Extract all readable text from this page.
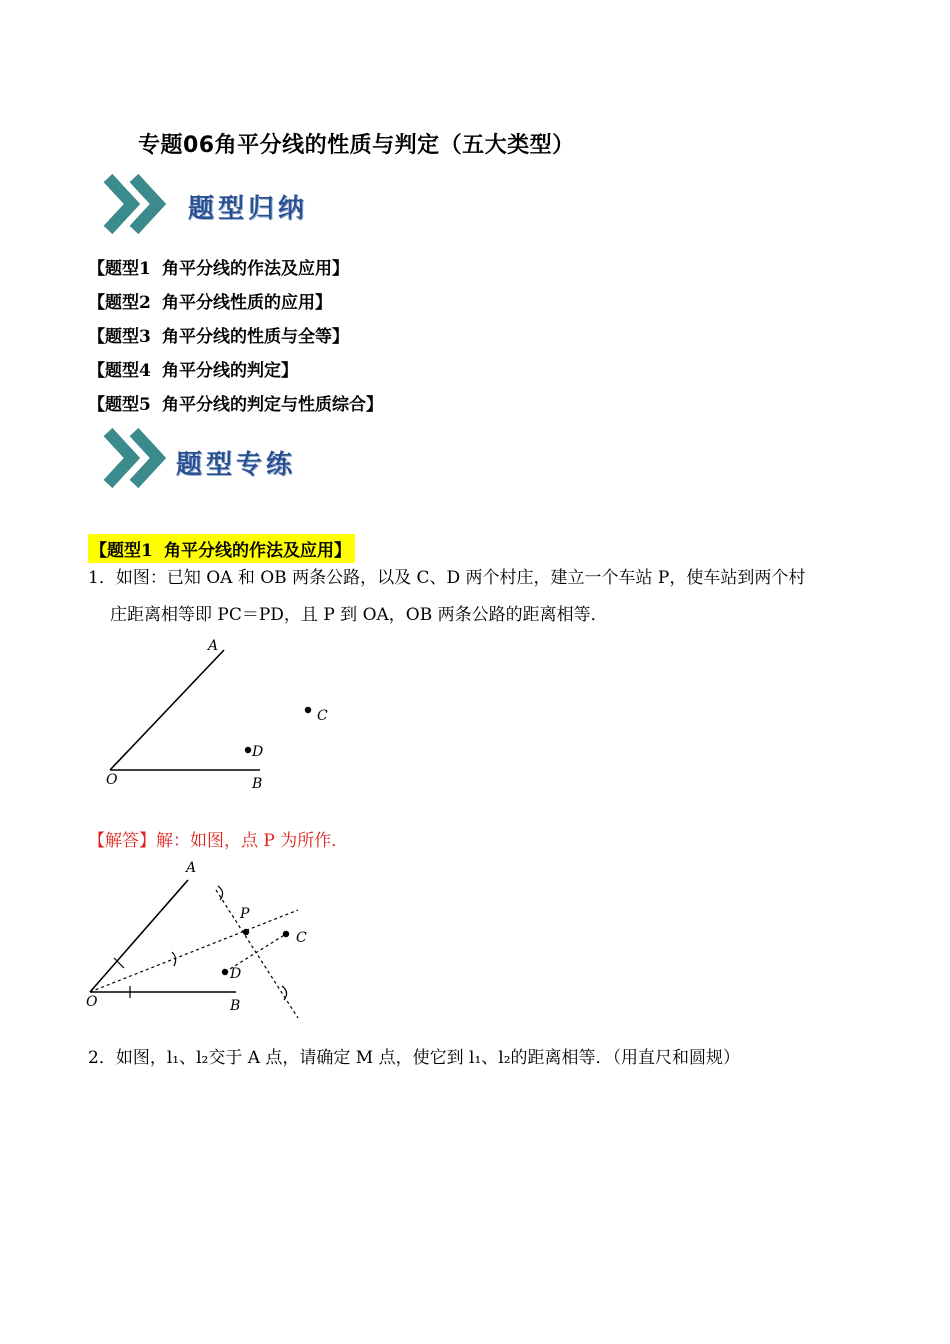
专题06角平分线的性质与判定（五大类型）
题型归纳
【题型1 角平分线的作法及应用】
【题型2 角平分线性质的应用】
【题型3 角平分线的性质与全等】
【题型4 角平分线的判定】
【题型5 角平分线的判定与性质综合】
题型专练
【题型1 角平分线的作法及应用】
1．如图：已知 OA 和 OB 两条公路，以及 C、D 两个村庄，建立一个车站 P，使车站到两个村
庄距离相等即 PC＝PD，且 P 到 OA，OB 两条公路的距离相等．
A
O	B
C
D
【解答】解：如图，点 P 为所作．
A
O	B
C
D
P
2．如图，l₁、l₂交于 A 点，请确定 M 点，使它到 l₁、l₂的距离相等．（用直尺和圆规）
